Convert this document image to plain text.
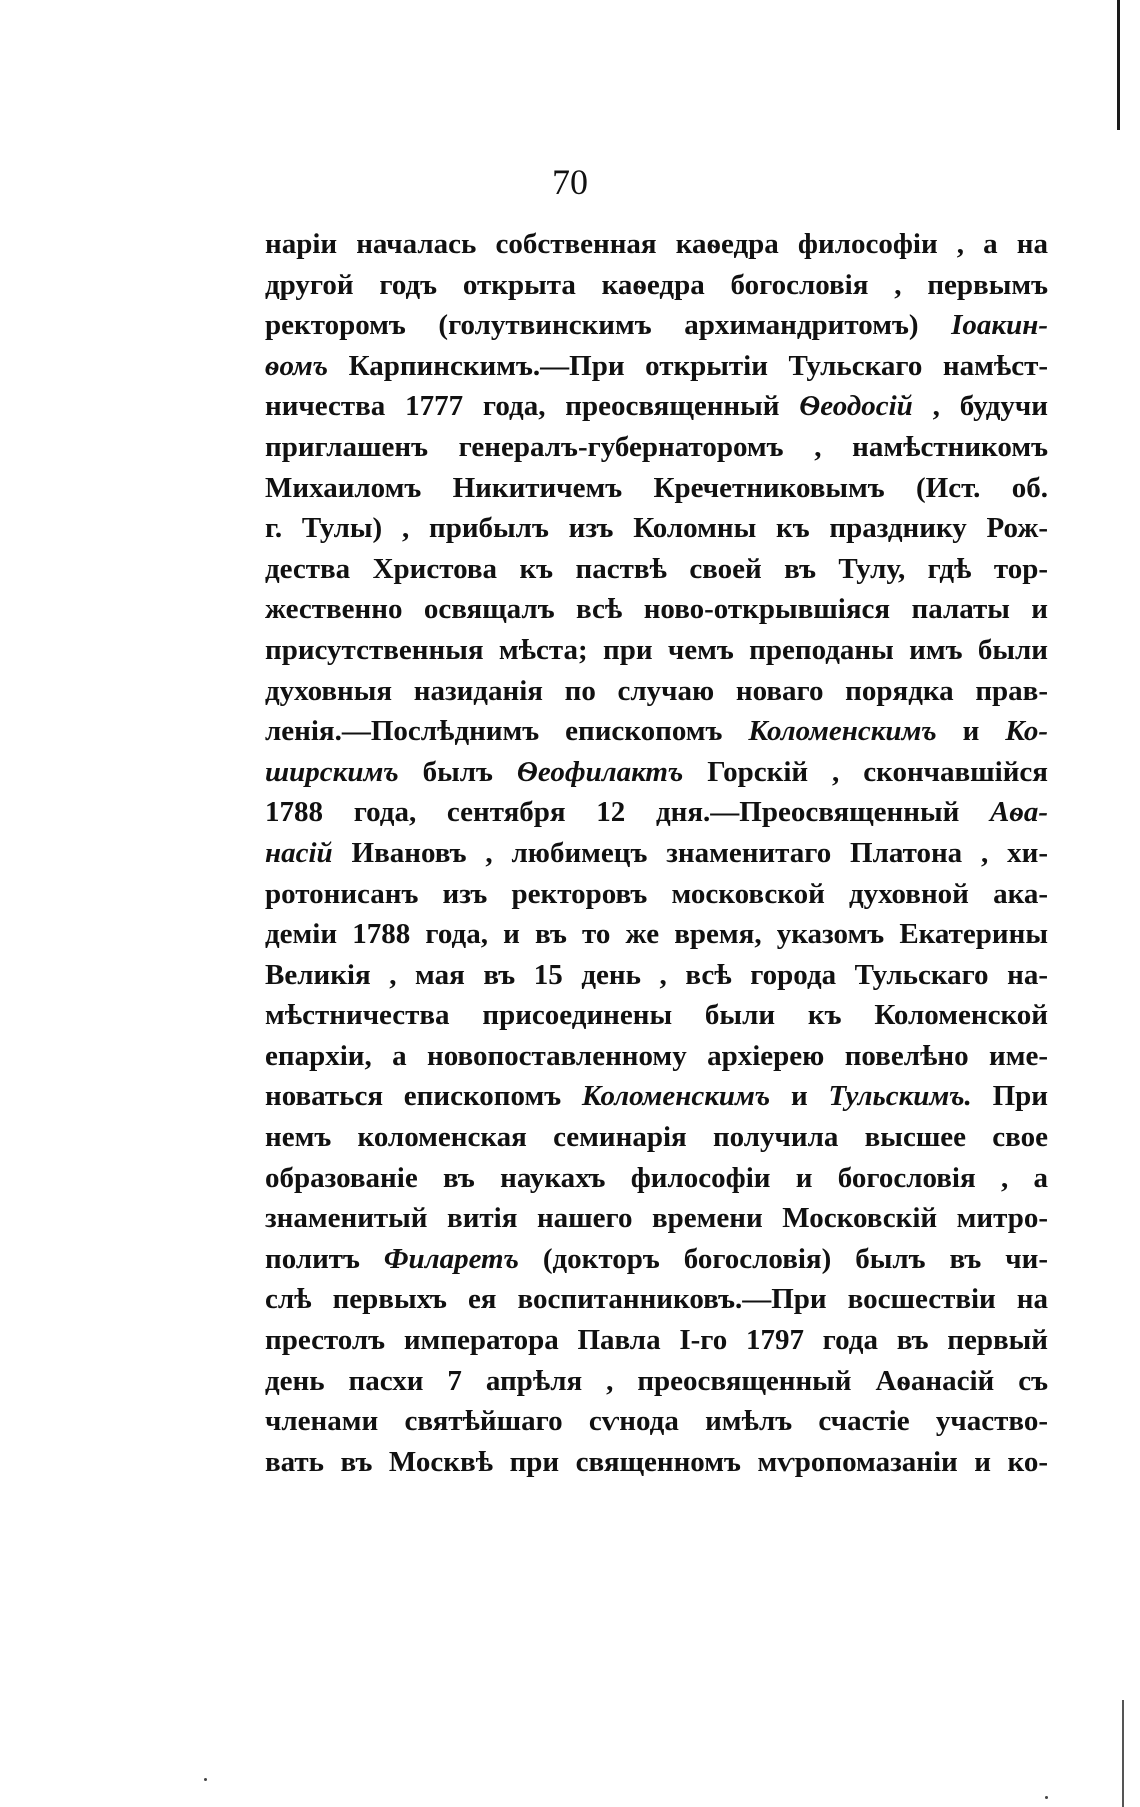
70
наріи началась собственная каѳедра философіи , а на
другой годъ открыта каѳедра богословія , первымъ
ректоромъ (голутвинскимъ архимандритомъ) Іоакин-
ѳомъ Карпинскимъ.—При открытіи Тульскаго намѣст-
ничества 1777 года, преосвященный Ѳеодосій , будучи
приглашенъ генералъ-губернаторомъ , намѣстникомъ
Михаиломъ Никитичемъ Кречетниковымъ (Ист. об.
г. Тулы) , прибылъ изъ Коломны къ празднику Рож-
дества Христова къ паствѣ своей въ Тулу, гдѣ тор-
жественно освящалъ всѣ ново-открывшіяся палаты и
присутственныя мѣста; при чемъ преподаны имъ были
духовныя назиданія по случаю новаго порядка прав-
ленія.—Послѣднимъ епископомъ Коломенскимъ и Ко-
ширскимъ былъ Ѳеофилактъ Горскій , скончавшійся
1788 года, сентября 12 дня.—Преосвященный Аѳа-
насій Ивановъ , любимецъ знаменитаго Платона , хи-
ротонисанъ изъ ректоровъ московской духовной ака-
деміи 1788 года, и въ то же время, указомъ Екатерины
Великія , мая въ 15 день , всѣ города Тульскаго на-
мѣстничества присоединены были къ Коломенской
епархіи, а новопоставленному архіерею повелѣно име-
новаться епископомъ Коломенскимъ и Тульскимъ. При
немъ коломенская семинарія получила высшее свое
образованіе въ наукахъ философіи и богословія , а
знаменитый витія нашего времени Московскій митро-
политъ Филаретъ (докторъ богословія) былъ въ чи-
слѣ первыхъ ея воспитанниковъ.—При восшествіи на
престолъ императора Павла I-го 1797 года въ первый
день пасхи 7 апрѣля , преосвященный Аѳанасій съ
членами святѣйшаго сѵнода имѣлъ счастіе участво-
вать въ Москвѣ при священномъ мѵропомазаніи и ко-
